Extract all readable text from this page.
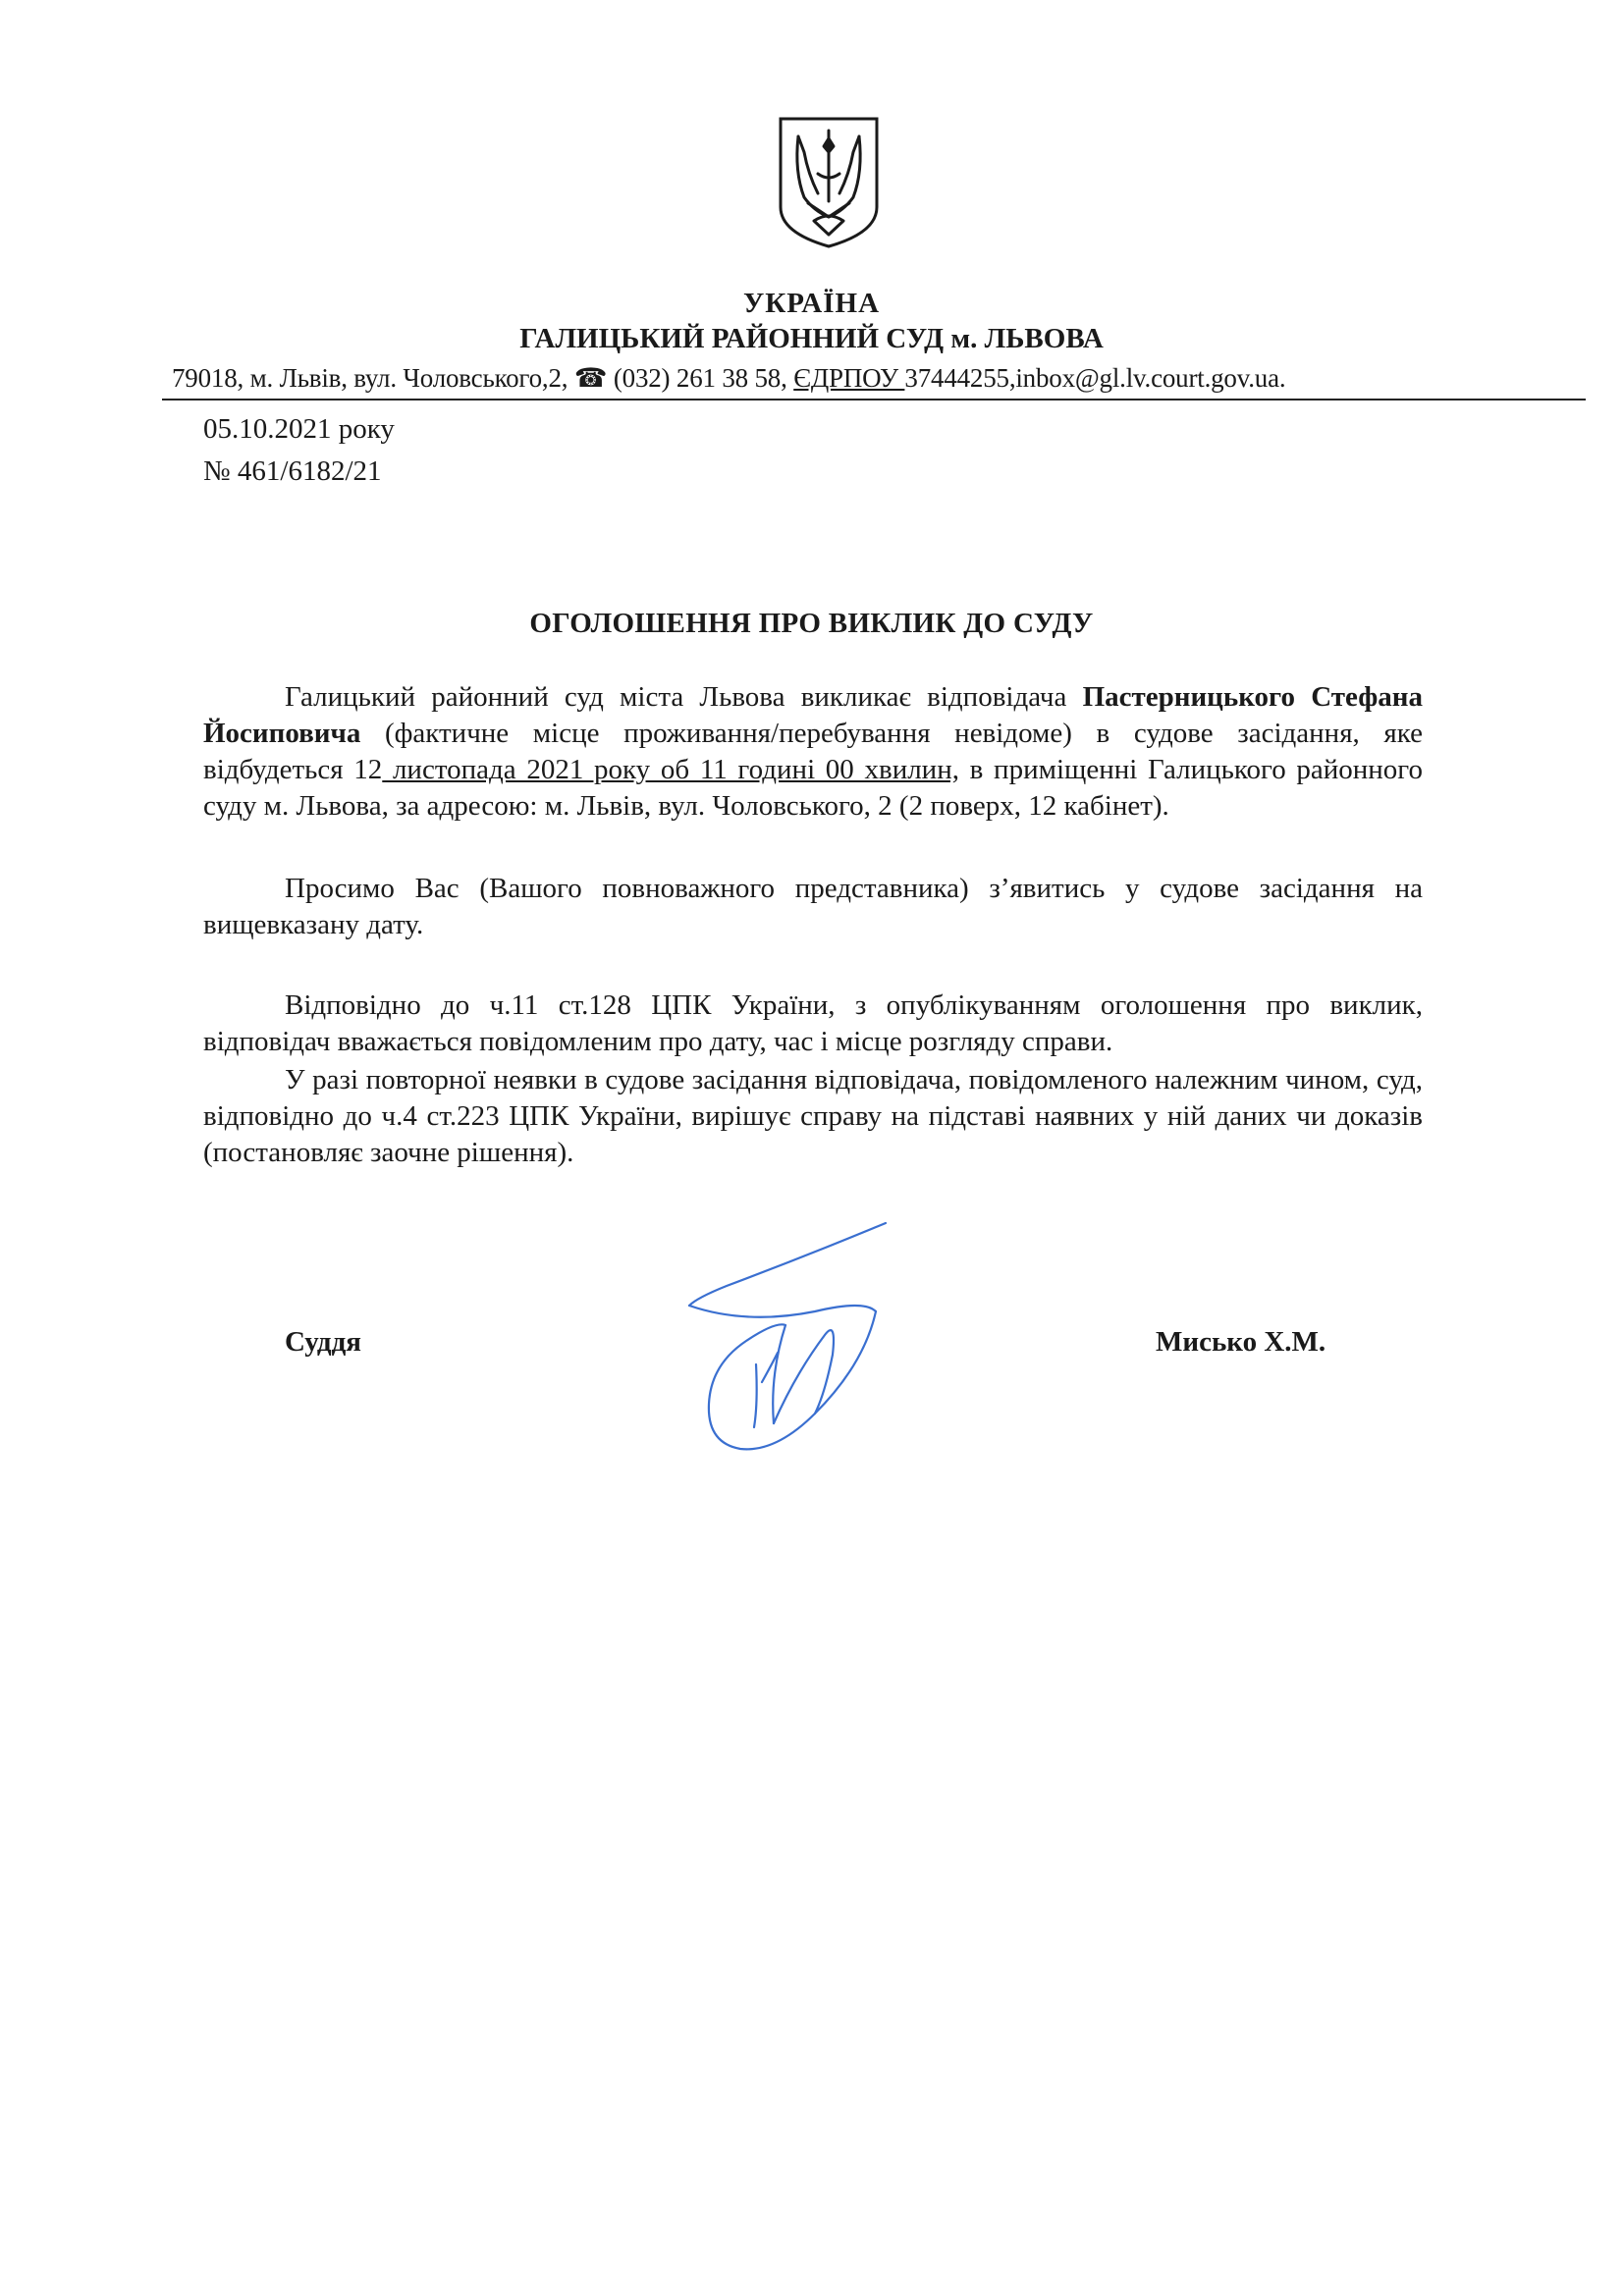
УКРАЇНА
ГАЛИЦЬКИЙ РАЙОННИЙ СУД м. ЛЬВОВА
79018, м. Львів, вул. Чоловського,2, ☎ (032) 261 38 58, ЄДРПОУ 37444255,inbox@gl.lv.court.gov.ua.
05.10.2021 року
№ 461/6182/21
ОГОЛОШЕННЯ ПРО ВИКЛИК ДО СУДУ

Галицький районний суд міста Львова викликає відповідача Пастерницького Стефана Йосиповича (фактичне місце проживання/перебування невідоме) в судове засідання, яке відбудеться 12 листопада 2021 року об 11 годині 00 хвилин, в приміщенні Галицького районного суду м. Львова, за адресою: м. Львів, вул. Чоловського, 2 (2 поверх, 12 кабінет).

Просимо Вас (Вашого повноважного представника) з’явитись у судове засідання на вищевказану дату.

Відповідно до ч.11 ст.128 ЦПК України, з опублікуванням оголошення про виклик, відповідач вважається повідомленим про дату, час і місце розгляду справи.

У разі повторної неявки в судове засідання відповідача, повідомленого належним чином, суд, відповідно до ч.4 ст.223 ЦПК України, вирішує справу на підставі наявних у ній даних чи доказів (постановляє заочне рішення).

Суддя	Мисько Х.М.
